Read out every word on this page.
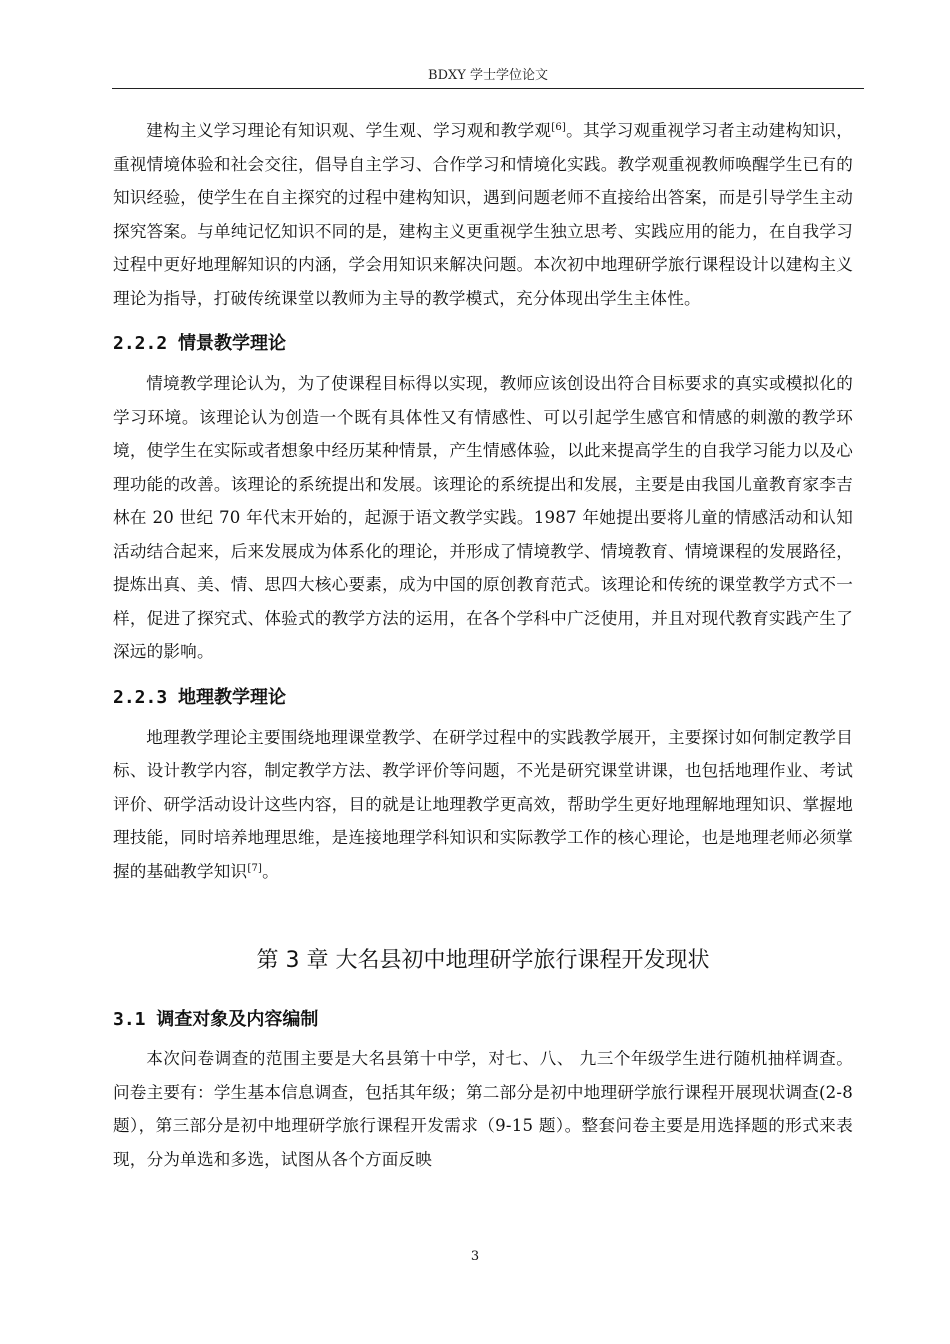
BDXY 学士学位论文

建构主义学习理论有知识观、学生观、学习观和教学观[6]。其学习观重视学习者主动建构知识，重视情境体验和社会交往，倡导自主学习、合作学习和情境化实践。教学观重视教师唤醒学生已有的知识经验，使学生在自主探究的过程中建构知识，遇到问题老师不直接给出答案，而是引导学生主动探究答案。与单纯记忆知识不同的是，建构主义更重视学生独立思考、实践应用的能力，在自我学习过程中更好地理解知识的内涵，学会用知识来解决问题。本次初中地理研学旅行课程设计以建构主义理论为指导，打破传统课堂以教师为主导的教学模式，充分体现出学生主体性。

2.2.2 情景教学理论

情境教学理论认为，为了使课程目标得以实现，教师应该创设出符合目标要求的真实或模拟化的学习环境。该理论认为创造一个既有具体性又有情感性、可以引起学生感官和情感的刺激的教学环境，使学生在实际或者想象中经历某种情景，产生情感体验，以此来提高学生的自我学习能力以及心理功能的改善。该理论的系统提出和发展。该理论的系统提出和发展，主要是由我国儿童教育家李吉林在 20 世纪 70 年代末开始的，起源于语文教学实践。1987 年她提出要将儿童的情感活动和认知活动结合起来，后来发展成为体系化的理论，并形成了情境教学、情境教育、情境课程的发展路径，提炼出真、美、情、思四大核心要素，成为中国的原创教育范式。该理论和传统的课堂教学方式不一样，促进了探究式、体验式的教学方法的运用，在各个学科中广泛使用，并且对现代教育实践产生了深远的影响。

2.2.3 地理教学理论

地理教学理论主要围绕地理课堂教学、在研学过程中的实践教学展开，主要探讨如何制定教学目标、设计教学内容，制定教学方法、教学评价等问题，不光是研究课堂讲课，也包括地理作业、考试评价、研学活动设计这些内容，目的就是让地理教学更高效，帮助学生更好地理解地理知识、掌握地理技能，同时培养地理思维，是连接地理学科知识和实际教学工作的核心理论，也是地理老师必须掌握的基础教学知识[7]。

第 3 章 大名县初中地理研学旅行课程开发现状
3.1 调查对象及内容编制

本次问卷调查的范围主要是大名县第十中学，对七、八、 九三个年级学生进行随机抽样调查。问卷主要有：学生基本信息调查，包括其年级；第二部分是初中地理研学旅行课程开展现状调查(2-8 题），第三部分是初中地理研学旅行课程开发需求（9-15 题）。整套问卷主要是用选择题的形式来表现，分为单选和多选，试图从各个方面反映

3
